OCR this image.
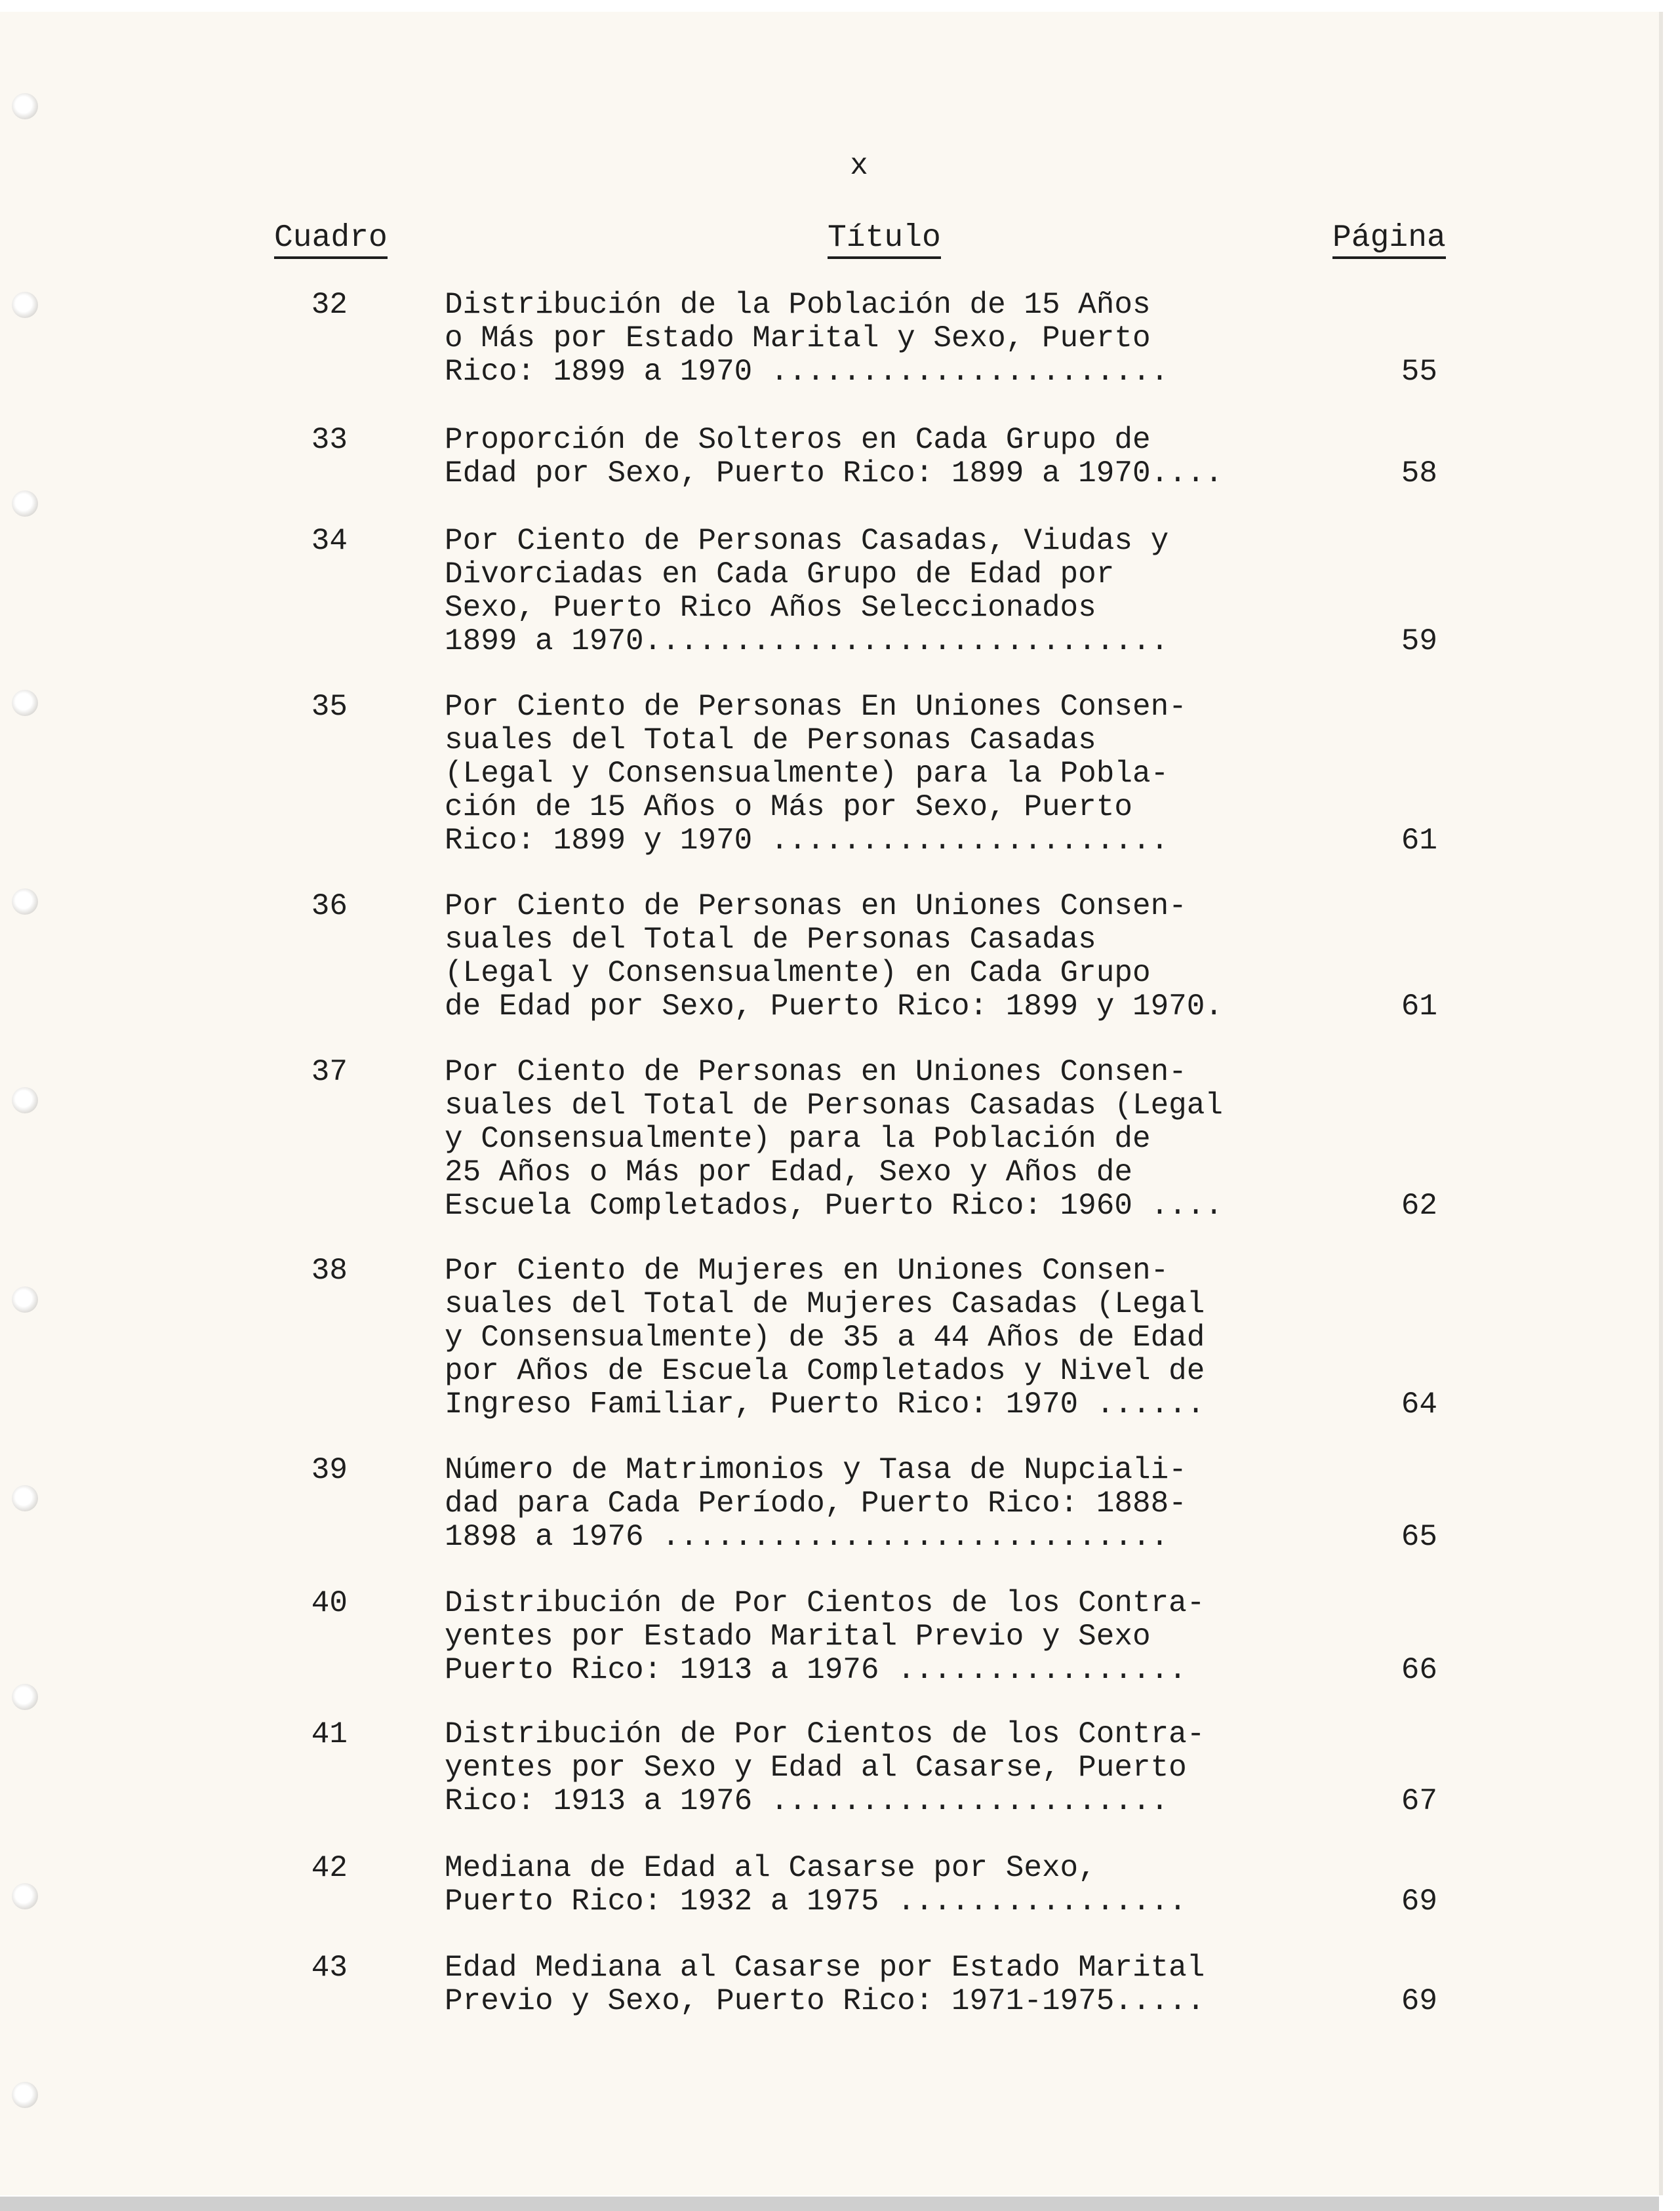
x
Cuadro	Título	Página
32	Distribución de la Población de 15 Años
o Más por Estado Marital y Sexo, Puerto
Rico: 1899 a 1970 ......................	55
33	Proporción de Solteros en Cada Grupo de
Edad por Sexo, Puerto Rico: 1899 a 1970....	58
34	Por Ciento de Personas Casadas, Viudas y
Divorciadas en Cada Grupo de Edad por
Sexo, Puerto Rico Años Seleccionados
1899 a 1970.............................	59
35	Por Ciento de Personas En Uniones Consen-
suales del Total de Personas Casadas
(Legal y Consensualmente) para la Pobla-
ción de 15 Años o Más por Sexo, Puerto
Rico: 1899 y 1970 ......................	61
36	Por Ciento de Personas en Uniones Consen-
suales del Total de Personas Casadas
(Legal y Consensualmente) en Cada Grupo
de Edad por Sexo, Puerto Rico: 1899 y 1970.	61
37	Por Ciento de Personas en Uniones Consen-
suales del Total de Personas Casadas (Legal
y Consensualmente) para la Población de
25 Años o Más por Edad, Sexo y Años de
Escuela Completados, Puerto Rico: 1960 ....	62
38	Por Ciento de Mujeres en Uniones Consen-
suales del Total de Mujeres Casadas (Legal
y Consensualmente) de 35 a 44 Años de Edad
por Años de Escuela Completados y Nivel de
Ingreso Familiar, Puerto Rico: 1970 ......	64
39	Número de Matrimonios y Tasa de Nupciali-
dad para Cada Período, Puerto Rico: 1888-
1898 a 1976 ............................	65
40	Distribución de Por Cientos de los Contra-
yentes por Estado Marital Previo y Sexo
Puerto Rico: 1913 a 1976 ................	66
41	Distribución de Por Cientos de los Contra-
yentes por Sexo y Edad al Casarse, Puerto
Rico: 1913 a 1976 ......................	67
42	Mediana de Edad al Casarse por Sexo,
Puerto Rico: 1932 a 1975 ................	69
43	Edad Mediana al Casarse por Estado Marital
Previo y Sexo, Puerto Rico: 1971-1975.....	69
